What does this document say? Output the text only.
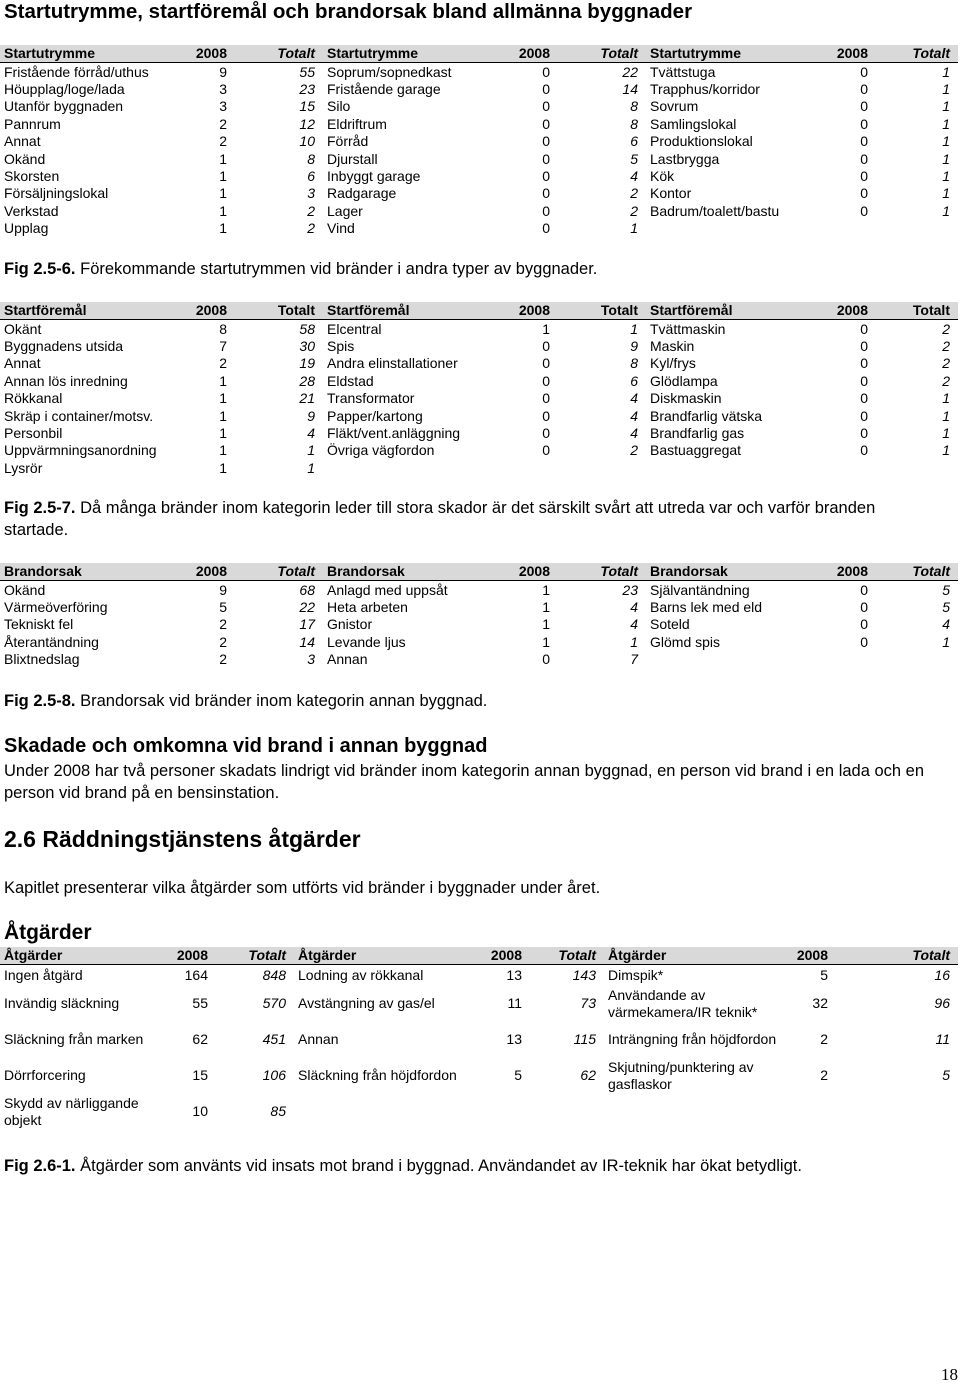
Startutrymme, startföremål och brandorsak bland allmänna byggnader
Startutrymme	2008	Totalt	Startutrymme	2008	Totalt	Startutrymme	2008	Totalt
Fristående förråd/uthus	9	55	Soprum/sopnedkast	0	22	Tvättstuga	0	1
Höupplag/loge/lada	3	23	Fristående garage	0	14	Trapphus/korridor	0	1
Utanför byggnaden	3	15	Silo	0	8	Sovrum	0	1
Pannrum	2	12	Eldriftrum	0	8	Samlingslokal	0	1
Annat	2	10	Förråd	0	6	Produktionslokal	0	1
Okänd	1	8	Djurstall	0	5	Lastbrygga	0	1
Skorsten	1	6	Inbyggt garage	0	4	Kök	0	1
Försäljningslokal	1	3	Radgarage	0	2	Kontor	0	1
Verkstad	1	2	Lager	0	2	Badrum/toalett/bastu	0	1
Upplag	1	2	Vind	0	1			

Fig 2.5-6. Förekommande startutrymmen vid bränder i andra typer av byggnader.

Startföremål	2008	Totalt	Startföremål	2008	Totalt	Startföremål	2008	Totalt
Okänt	8	58	Elcentral	1	1	Tvättmaskin	0	2
Byggnadens utsida	7	30	Spis	0	9	Maskin	0	2
Annat	2	19	Andra elinstallationer	0	8	Kyl/frys	0	2
Annan lös inredning	1	28	Eldstad	0	6	Glödlampa	0	2
Rökkanal	1	21	Transformator	0	4	Diskmaskin	0	1
Skräp i container/motsv.	1	9	Papper/kartong	0	4	Brandfarlig vätska	0	1
Personbil	1	4	Fläkt/vent.anläggning	0	4	Brandfarlig gas	0	1
Uppvärmningsanordning	1	1	Övriga vägfordon	0	2	Bastuaggregat	0	1
Lysrör	1	1						

Fig 2.5-7. Då många bränder inom kategorin leder till stora skador är det särskilt svårt att utreda var och varför branden startade.

Brandorsak	2008	Totalt	Brandorsak	2008	Totalt	Brandorsak	2008	Totalt
Okänd	9	68	Anlagd med uppsåt	1	23	Självantändning	0	5
Värmeöverföring	5	22	Heta arbeten	1	4	Barns lek med eld	0	5
Tekniskt fel	2	17	Gnistor	1	4	Soteld	0	4
Återantändning	2	14	Levande ljus	1	1	Glömd spis	0	1
Blixtnedslag	2	3	Annan	0	7			

Fig 2.5-8. Brandorsak vid bränder inom kategorin annan byggnad.

Skadade och omkomna vid brand i annan byggnad

Under 2008 har två personer skadats lindrigt vid bränder inom kategorin annan byggnad, en person vid brand i en lada och en person vid brand på en bensinstation.

2.6 Räddningstjänstens åtgärder

Kapitlet presenterar vilka åtgärder som utförts vid bränder i byggnader under året.

Åtgärder

Åtgärder	2008	Totalt	Åtgärder	2008	Totalt	Åtgärder	2008	Totalt
Ingen åtgärd	164	848	Lodning av rökkanal	13	143	Dimspik*	5	16
Invändig släckning	55	570	Avstängning av gas/el	11	73	Användande av värmekamera/IR teknik*	32	96
Släckning från marken	62	451	Annan	13	115	Inträngning från höjdfordon	2	11
Dörrforcering	15	106	Släckning från höjdfordon	5	62	Skjutning/punktering av gasflaskor	2	5
Skydd av närliggande objekt	10	85						

Fig 2.6-1. Åtgärder som använts vid insats mot brand i byggnad. Användandet av IR-teknik har ökat betydligt.

18
